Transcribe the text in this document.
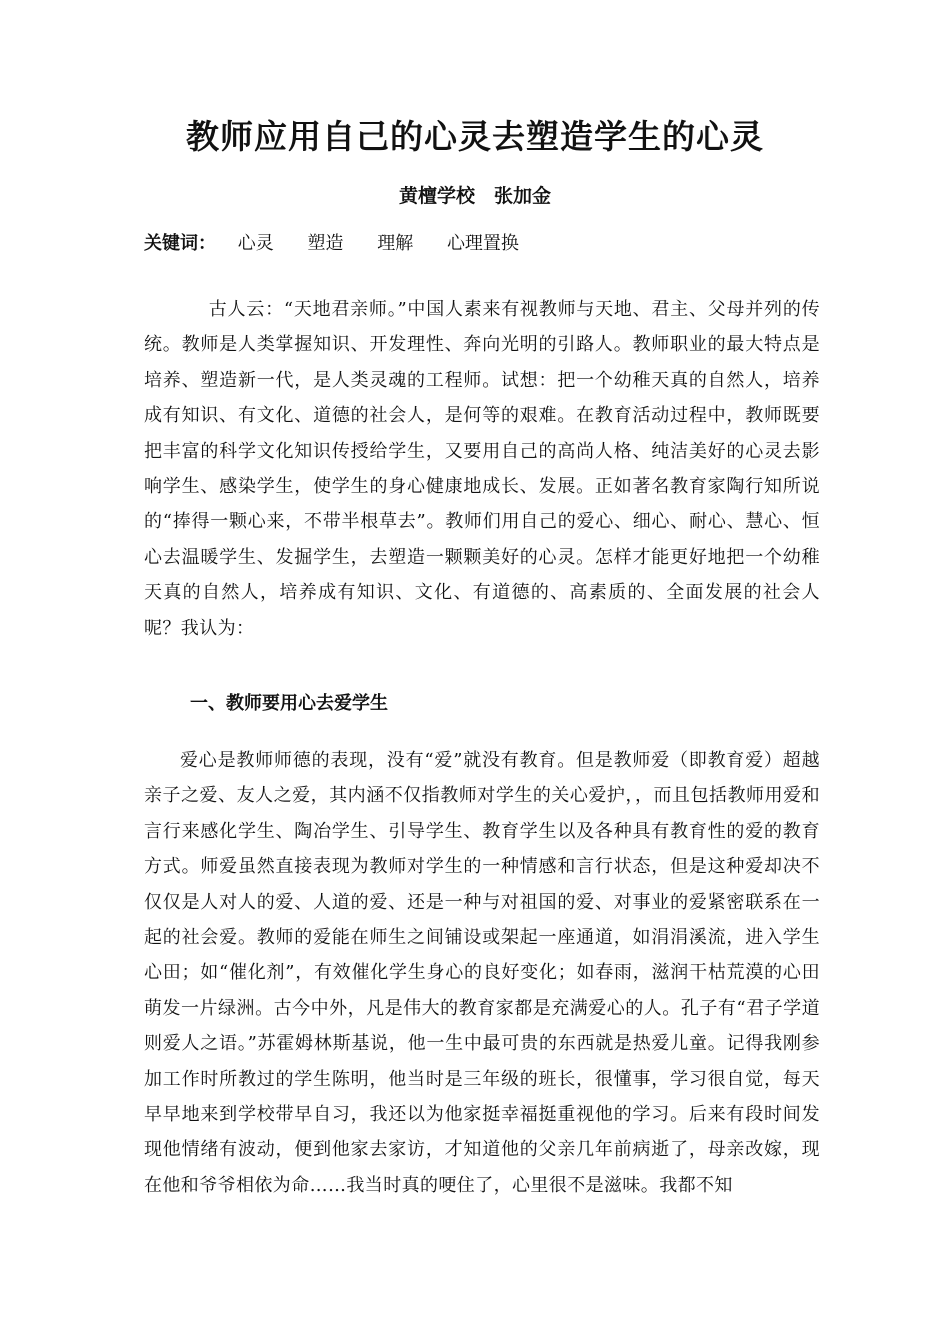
教师应用自己的心灵去塑造学生的心灵
黄檀学校　张加金
关键词： 心灵 塑造 理解 心理置换

古人云：“天地君亲师。”中国人素来有视教师与天地、君主、父母并列的传统。教师是人类掌握知识、开发理性、奔向光明的引路人。教师职业的最大特点是培养、塑造新一代，是人类灵魂的工程师。试想：把一个幼稚天真的自然人，培养成有知识、有文化、道德的社会人，是何等的艰难。在教育活动过程中，教师既要把丰富的科学文化知识传授给学生，又要用自己的高尚人格、纯洁美好的心灵去影响学生、感染学生，使学生的身心健康地成长、发展。正如著名教育家陶行知所说的“捧得一颗心来，不带半根草去”。教师们用自己的爱心、细心、耐心、慧心、恒心去温暖学生、发掘学生，去塑造一颗颗美好的心灵。怎样才能更好地把一个幼稚天真的自然人，培养成有知识、文化、有道德的、高素质的、全面发展的社会人呢？我认为：

一、教师要用心去爱学生

爱心是教师师德的表现，没有“爱”就没有教育。但是教师爱（即教育爱）超越亲子之爱、友人之爱，其内涵不仅指教师对学生的关心爱护，，而且包括教师用爱和言行来感化学生、陶冶学生、引导学生、教育学生以及各种具有教育性的爱的教育方式。师爱虽然直接表现为教师对学生的一种情感和言行状态，但是这种爱却决不仅仅是人对人的爱、人道的爱、还是一种与对祖国的爱、对事业的爱紧密联系在一起的社会爱。教师的爱能在师生之间铺设或架起一座通道，如涓涓溪流，进入学生心田；如“催化剂”，有效催化学生身心的良好变化；如春雨，滋润干枯荒漠的心田萌发一片绿洲。古今中外，凡是伟大的教育家都是充满爱心的人。孔子有“君子学道则爱人之语。”苏霍姆林斯基说，他一生中最可贵的东西就是热爱儿童。记得我刚参加工作时所教过的学生陈明，他当时是三年级的班长，很懂事，学习很自觉，每天早早地来到学校带早自习，我还以为他家挺幸福挺重视他的学习。后来有段时间发现他情绪有波动，便到他家去家访，才知道他的父亲几年前病逝了，母亲改嫁，现在他和爷爷相依为命……我当时真的哽住了，心里很不是滋味。我都不知
